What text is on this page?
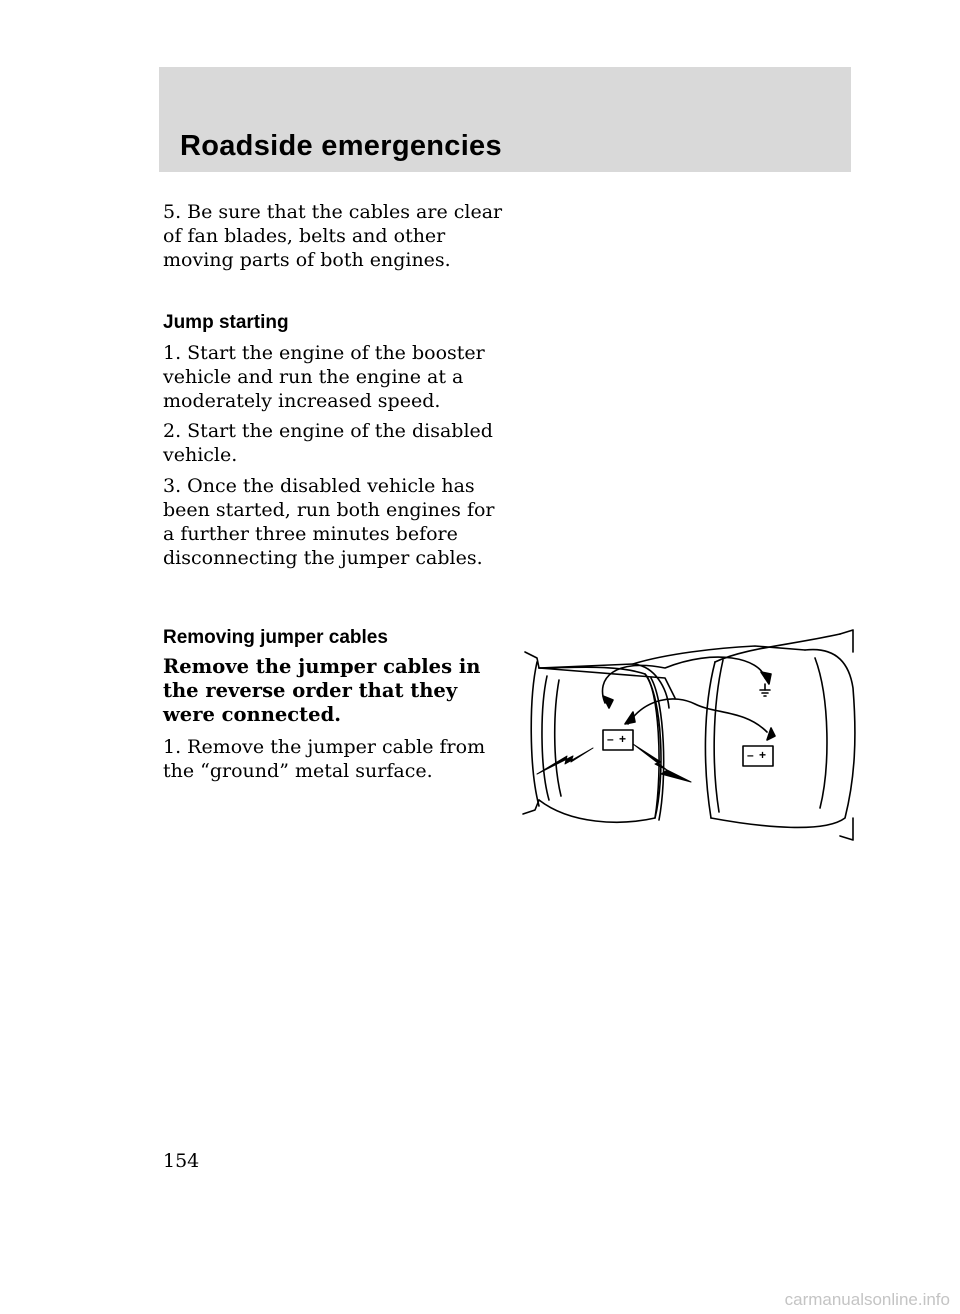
Roadside emergencies

5. Be sure that the cables are clear of fan blades, belts and other moving parts of both engines.

Jump starting

1. Start the engine of the booster vehicle and run the engine at a moderately increased speed.

2. Start the engine of the disabled vehicle.

3. Once the disabled vehicle has been started, run both engines for a further three minutes before disconnecting the jumper cables.

Removing jumper cables

Remove the jumper cables in the reverse order that they were connected.

1. Remove the jumper cable from the “ground” metal surface.

– +
– +

154

carmanualsonline.info
